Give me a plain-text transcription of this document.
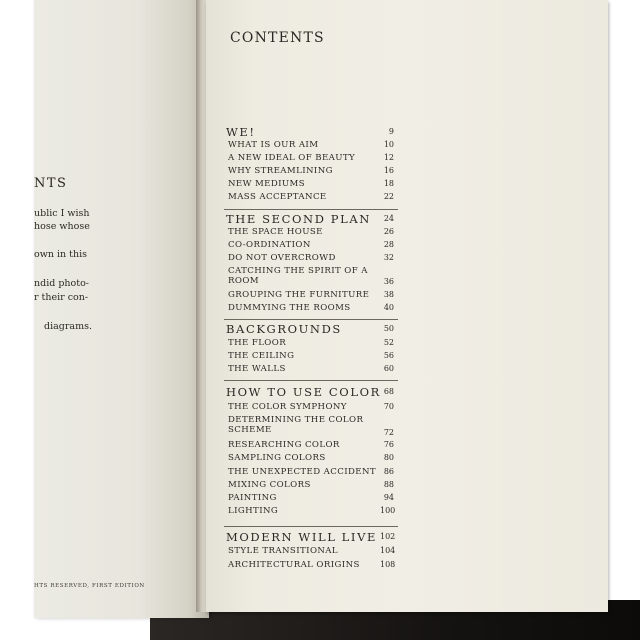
NTS
ublic I wish
hose whose
own in this
ndid photo-
r their con-
diagrams.
HTS RESERVED, FIRST EDITION
CONTENTS
WE!	9
WHAT IS OUR AIM	10
A NEW IDEAL OF BEAUTY	12
WHY STREAMLINING	16
NEW MEDIUMS	18
MASS ACCEPTANCE	22
THE SECOND PLAN	24
THE SPACE HOUSE	26
CO-ORDINATION	28
DO NOT OVERCROWD	32
CATCHING THE SPIRIT OF A ROOM	36
GROUPING THE FURNITURE	38
DUMMYING THE ROOMS	40
BACKGROUNDS	50
THE FLOOR	52
THE CEILING	56
THE WALLS	60
HOW TO USE COLOR 68
THE COLOR SYMPHONY	70
DETERMINING THE COLOR SCHEME	72
RESEARCHING COLOR	76
SAMPLING COLORS	80
THE UNEXPECTED ACCIDENT 86
MIXING COLORS	88
PAINTING	94
LIGHTING	100
MODERN WILL LIVE 102
STYLE TRANSITIONAL	104
ARCHITECTURAL ORIGINS	108
